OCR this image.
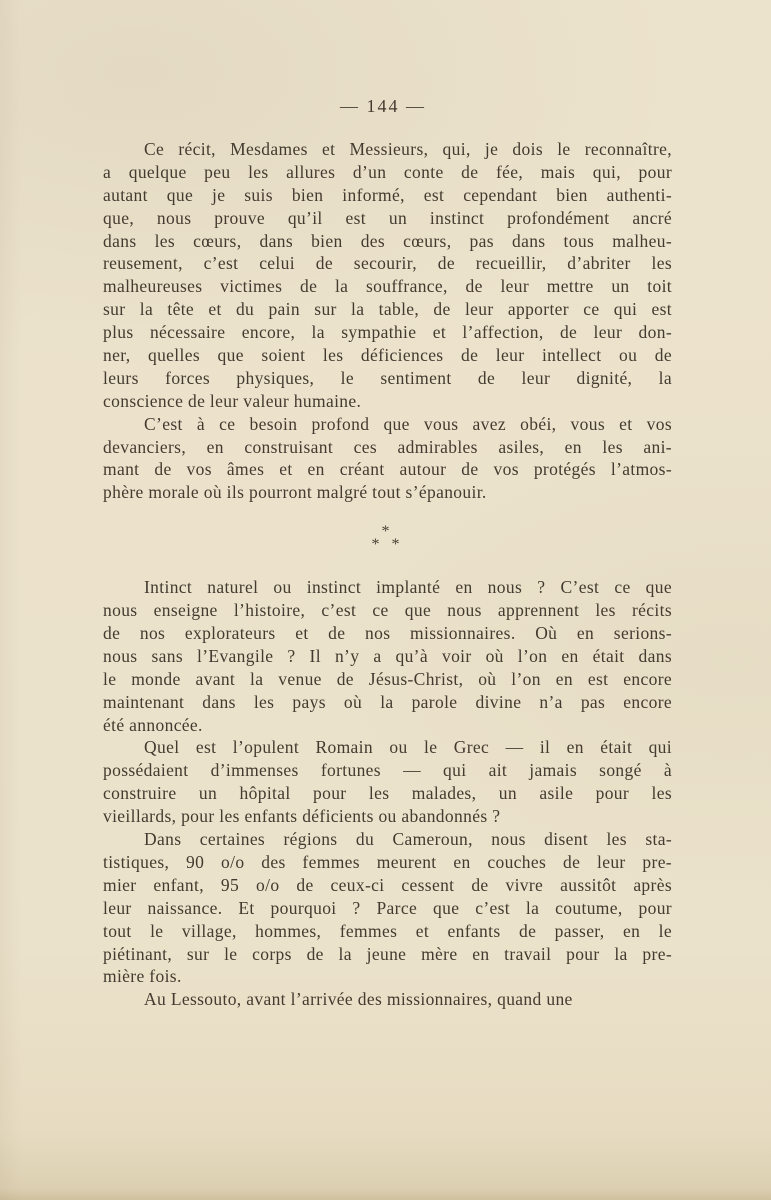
— 144 —
Ce récit, Mesdames et Messieurs, qui, je dois le reconnaître,
a quelque peu les allures d’un conte de fée, mais qui, pour
autant que je suis bien informé, est cependant bien authenti-
que, nous prouve qu’il est un instinct profondément ancré
dans les cœurs, dans bien des cœurs, pas dans tous malheu-
reusement, c’est celui de secourir, de recueillir, d’abriter les
malheureuses victimes de la souffrance, de leur mettre un toit
sur la tête et du pain sur la table, de leur apporter ce qui est
plus nécessaire encore, la sympathie et l’affection, de leur don-
ner, quelles que soient les déficiences de leur intellect ou de
leurs forces physiques, le sentiment de leur dignité, la
conscience de leur valeur humaine.
C’est à ce besoin profond que vous avez obéi, vous et vos
devanciers, en construisant ces admirables asiles, en les ani-
mant de vos âmes et en créant autour de vos protégés l’atmos-
phère morale où ils pourront malgré tout s’épanouir.
*
* *
Intinct naturel ou instinct implanté en nous ? C’est ce que
nous enseigne l’histoire, c’est ce que nous apprennent les récits
de nos explorateurs et de nos missionnaires. Où en serions-
nous sans l’Evangile ? Il n’y a qu’à voir où l’on en était dans
le monde avant la venue de Jésus-Christ, où l’on en est encore
maintenant dans les pays où la parole divine n’a pas encore
été annoncée.
Quel est l’opulent Romain ou le Grec — il en était qui
possédaient d’immenses fortunes — qui ait jamais songé à
construire un hôpital pour les malades, un asile pour les
vieillards, pour les enfants déficients ou abandonnés ?
Dans certaines régions du Cameroun, nous disent les sta-
tistiques, 90 o/o des femmes meurent en couches de leur pre-
mier enfant, 95 o/o de ceux-ci cessent de vivre aussitôt après
leur naissance. Et pourquoi ? Parce que c’est la coutume, pour
tout le village, hommes, femmes et enfants de passer, en le
piétinant, sur le corps de la jeune mère en travail pour la pre-
mière fois.
Au Lessouto, avant l’arrivée des missionnaires, quand une
